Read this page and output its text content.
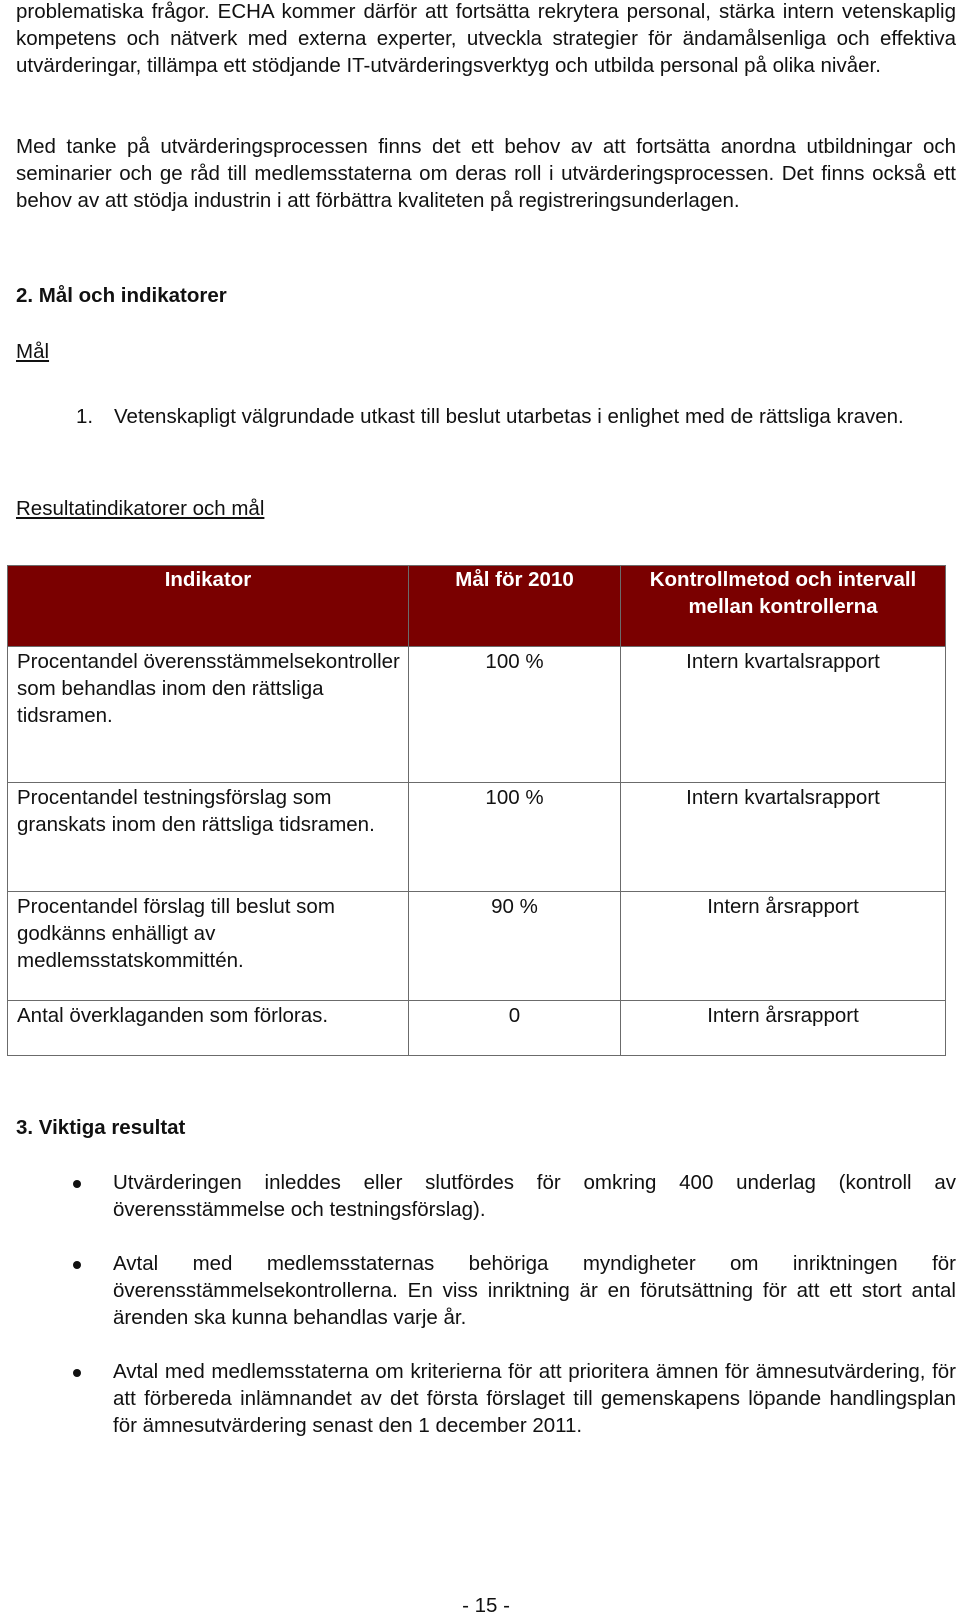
problematiska frågor. ECHA kommer därför att fortsätta rekrytera personal, stärka intern vetenskaplig kompetens och nätverk med externa experter, utveckla strategier för ändamålsenliga och effektiva utvärderingar, tillämpa ett stödjande IT-utvärderingsverktyg och utbilda personal på olika nivåer.

Med tanke på utvärderingsprocessen finns det ett behov av att fortsätta anordna utbildningar och seminarier och ge råd till medlemsstaterna om deras roll i utvärderingsprocessen. Det finns också ett behov av att stödja industrin i att förbättra kvaliteten på registreringsunderlagen.

2. Mål och indikatorer
Mål
1.	Vetenskapligt välgrundade utkast till beslut utarbetas i enlighet med de rättsliga kraven.
Resultatindikatorer och mål
Indikator	Mål för 2010	Kontrollmetod och intervall mellan kontrollerna
Procentandel överensstämmelsekontroller som behandlas inom den rättsliga tidsramen.	100 %	Intern kvartalsrapport
Procentandel testningsförslag som granskats inom den rättsliga tidsramen.	100 %	Intern kvartalsrapport
Procentandel förslag till beslut som godkänns enhälligt av medlemsstatskommittén.	90 %	Intern årsrapport
Antal överklaganden som förloras.	0	Intern årsrapport
3. Viktiga resultat
Utvärderingen inleddes eller slutfördes för omkring 400 underlag (kontroll av överensstämmelse och testningsförslag).
Avtal med medlemsstaternas behöriga myndigheter om inriktningen för överensstämmelsekontrollerna. En viss inriktning är en förutsättning för att ett stort antal ärenden ska kunna behandlas varje år.
Avtal med medlemsstaterna om kriterierna för att prioritera ämnen för ämnesutvärdering, för att förbereda inlämnandet av det första förslaget till gemenskapens löpande handlingsplan för ämnesutvärdering senast den 1 december 2011.
- 15 -
